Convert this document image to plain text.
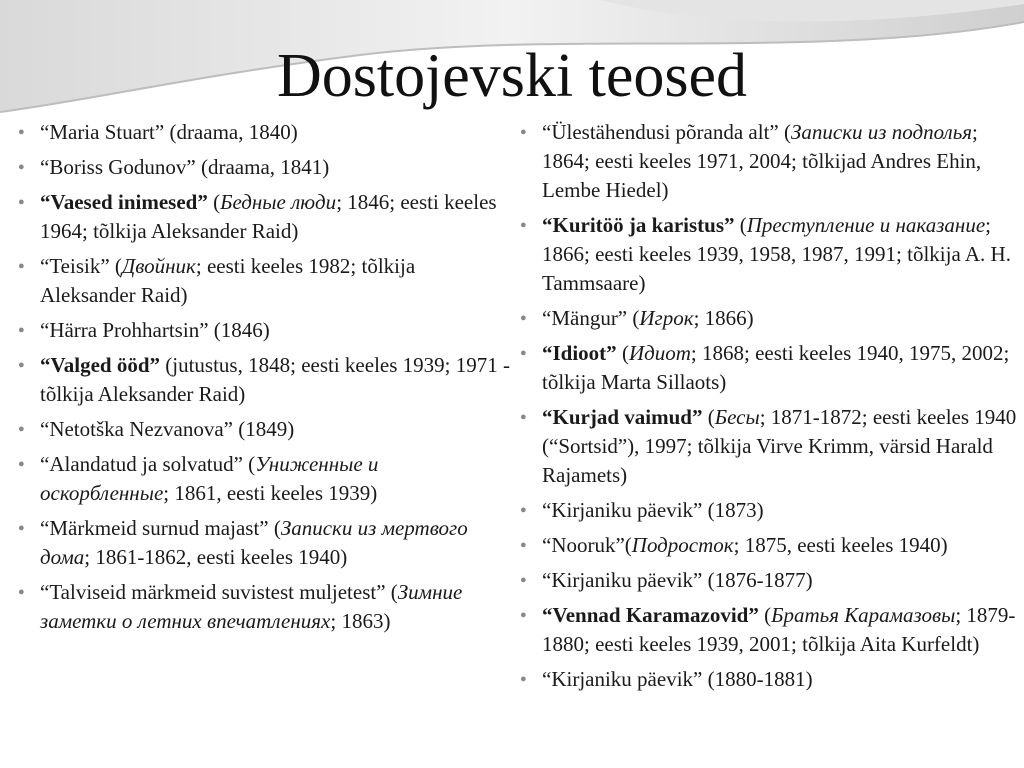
Dostojevski teosed
● “Maria Stuart” (draama, 1840)
● “Boriss Godunov” (draama, 1841)
● “Vaesed inimesed” (Бедные люди; 1846; eesti keeles 1964; tõlkija Aleksander Raid)
● “Teisik” (Двойник; eesti keeles 1982; tõlkija Aleksander Raid)
● “Härra Prohhartsin” (1846)
● “Valged ööd” (jutustus, 1848; eesti keeles 1939; 1971 - tõlkija Aleksander Raid)
● “Netotška Nezvanova” (1849)
● “Alandatud ja solvatud” (Униженные и оскорбленные; 1861, eesti keeles 1939)
● “Märkmeid surnud majast” (Записки из мертвого дома; 1861-1862, eesti keeles 1940)
● “Talviseid märkmeid suvistest muljetest” (Зимние заметки о летних впечатлениях; 1863)
● “Ülestähendusi põranda alt” (Записки из подполья; 1864; eesti keeles 1971, 2004; tõlkijad Andres Ehin, Lembe Hiedel)
● “Kuritöö ja karistus” (Преступление и наказание; 1866; eesti keeles 1939, 1958, 1987, 1991; tõlkija A. H. Tammsaare)
● “Mängur” (Игрок; 1866)
● “Idioot” (Идиот; 1868; eesti keeles 1940, 1975, 2002; tõlkija Marta Sillaots)
● “Kurjad vaimud” (Бесы; 1871-1872; eesti keeles 1940 (“Sortsid”), 1997; tõlkija Virve Krimm, värsid Harald Rajamets)
● “Kirjaniku päevik” (1873)
● “Nooruk”(Подросток; 1875, eesti keeles 1940)
● “Kirjaniku päevik” (1876-1877)
● “Vennad Karamazovid” (Братья Карамазовы; 1879-1880; eesti keeles 1939, 2001; tõlkija Aita Kurfeldt)
● “Kirjaniku päevik” (1880-1881)
